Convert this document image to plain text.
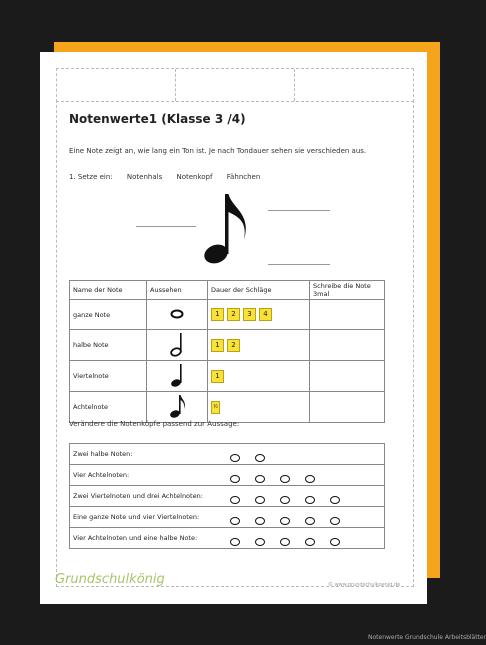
Notenwerte1 (Klasse 3 /4)
Eine Note zeigt an, wie lang ein Ton ist. Je nach Tondauer sehen sie verschieden aus.
1. Setze ein: Notenhals Notenkopf Fähnchen
Name der Note	Aussehen	Dauer der Schläge	Schreibe die Note 3mal
ganze Note		1 2 3 4	
halbe Note		1 2	
Viertelnote		1	
Achtelnote		½	
Verändere die Notenköpfe passend zur Aussage:
Zwei halbe Noten:

Vier Achtelnoten:

Zwei Viertelnoten und drei Achtelnoten:

Eine ganze Note und vier Viertelnoten:

Vier Achtelnoten und eine halbe Note:
Grundschulkönig	© www.grundschulkoenig.de
Notenwerte Grundschule Arbeitsblätter
